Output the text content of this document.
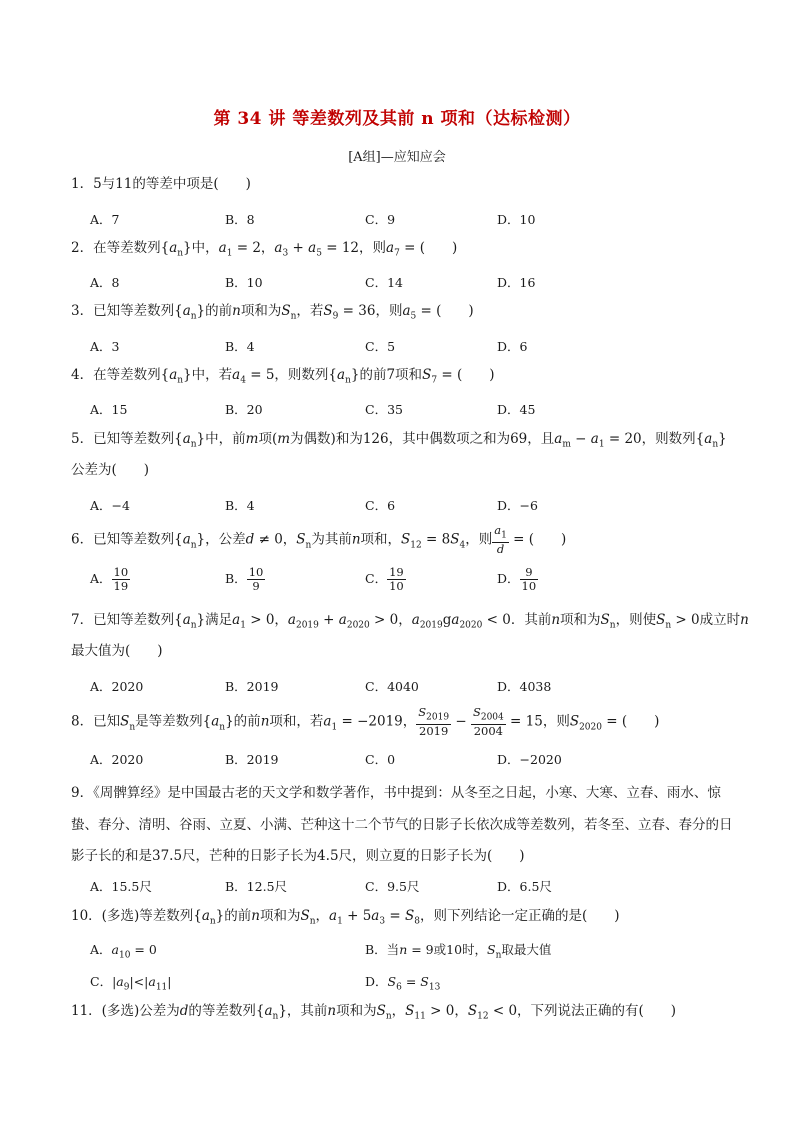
第 34 讲 等差数列及其前 n 项和（达标检测）
[A组]—应知应会
1．5与11的等差中项是(　　)
A．7	B．8	C．9	D．10
2．在等差数列$\{a_n\}$中，$a_1 = 2$，$a_3 + a_5 = 12$，则$a_7$ = (　　)
A．8	B．10	C．14	D．16
3．已知等差数列$\{a_n\}$的前n项和为$S_n$，若$S_9 = 36$，则$a_5$ = (　　)
A．3	B．4	C．5	D．6
4．在等差数列$\{a_n\}$中，若$a_4 = 5$，则数列$\{a_n\}$的前7项和$S_7$ = (　　)
A．15	B．20	C．35	D．45
5．已知等差数列$\{a_n\}$中，前m项(m为偶数)和为126，其中偶数项之和为69，且$a_m - a_1 = 20$，则数列$\{a_n\}$
公差为(　　)
A．−4	B．4	C．6	D．−6
6．已知等差数列$\{a_n\}$，公差d ≠ 0，$S_n$为其前n项和，$S_{12} = 8S_4$，则 $\frac{a_1}{d}$ = (　　)
A． $\frac{10}{19}$	B． $\frac{10}{9}$	C． $\frac{19}{10}$	D． $\frac{9}{10}$
7．已知等差数列$\{a_n\}$满足$a_1 > 0$，$a_{2019} + a_{2020} > 0$，$a_{2019}ga_{2020} < 0$．其前n项和为$S_n$，则使$S_n > 0$成立时n
最大值为(　　)
A．2020	B．2019	C．4040	D．4038
8．已知$S_n$是等差数列$\{a_n\}$的前n项和，若$a_1 = -2019$， $\frac{S_{2019}}{2019} - \frac{S_{2004}}{2004} = 15$，则$S_{2020}$ = (　　)
A．2020	B．2019	C．0	D．−2020
9．《周髀算经》是中国最古老的天文学和数学著作，书中提到：从冬至之日起，小寒、大寒、立春、雨水、惊蛰、春分、清明、谷雨、立夏、小满、芒种这十二个节气的日影子长依次成等差数列，若冬至、立春、春分的日影子长的和是37.5尺，芒种的日影子长为4.5尺，则立夏的日影子长为(　　)
A．15.5尺	B．12.5尺	C．9.5尺	D．6.5尺
10．(多选)等差数列$\{a_n\}$的前n项和为$S_n$，$a_1 + 5a_3 = S_8$，则下列结论一定正确的是(　　)
A．$a_{10} = 0$	B．当n = 9或10时，$S_n$取最大值
C．$|a_9|<|a_{11}|$	D．$S_6 = S_{13}$
11．(多选)公差为d的等差数列$\{a_n\}$，其前n项和为$S_n$，$S_{11} > 0$，$S_{12} < 0$，下列说法正确的有(　　)
